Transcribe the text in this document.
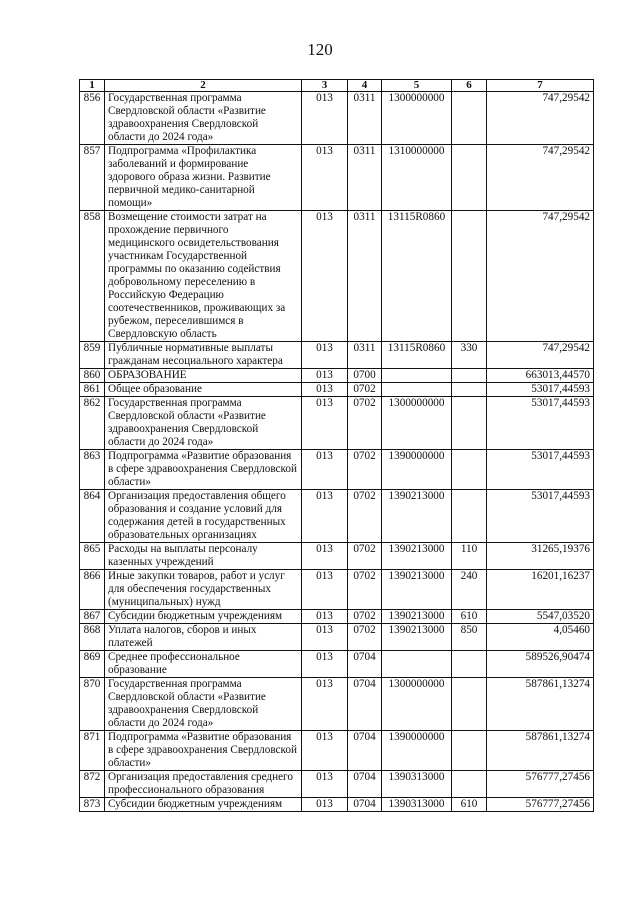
120
1	2	3	4	5	6	7
856	Государственная программа Свердловской области «Развитие здравоохранения Свердловской области до 2024 года»	013	0311	1300000000		747,29542
857	Подпрограмма «Профилактика заболеваний и формирование здорового образа жизни. Развитие первичной медико-санитарной помощи»	013	0311	1310000000		747,29542
858	Возмещение стоимости затрат на прохождение первичного медицинского освидетельствования участникам Государственной программы по оказанию содействия добровольному переселению в Российскую Федерацию соотечественников, проживающих за рубежом, переселившимся в Свердловскую область	013	0311	13115R0860		747,29542
859	Публичные нормативные выплаты гражданам несоциального характера	013	0311	13115R0860	330	747,29542
860	ОБРАЗОВАНИЕ	013	0700			663013,44570
861	Общее образование	013	0702			53017,44593
862	Государственная программа Свердловской области «Развитие здравоохранения Свердловской области до 2024 года»	013	0702	1300000000		53017,44593
863	Подпрограмма «Развитие образования в сфере здравоохранения Свердловской области»	013	0702	1390000000		53017,44593
864	Организация предоставления общего образования и создание условий для содержания детей в государственных образовательных организациях	013	0702	1390213000		53017,44593
865	Расходы на выплаты персоналу казенных учреждений	013	0702	1390213000	110	31265,19376
866	Иные закупки товаров, работ и услуг для обеспечения государственных (муниципальных) нужд	013	0702	1390213000	240	16201,16237
867	Субсидии бюджетным учреждениям	013	0702	1390213000	610	5547,03520
868	Уплата налогов, сборов и иных платежей	013	0702	1390213000	850	4,05460
869	Среднее профессиональное образование	013	0704			589526,90474
870	Государственная программа Свердловской области «Развитие здравоохранения Свердловской области до 2024 года»	013	0704	1300000000		587861,13274
871	Подпрограмма «Развитие образования в сфере здравоохранения Свердловской области»	013	0704	1390000000		587861,13274
872	Организация предоставления среднего профессионального образования	013	0704	1390313000		576777,27456
873	Субсидии бюджетным учреждениям	013	0704	1390313000	610	576777,27456
